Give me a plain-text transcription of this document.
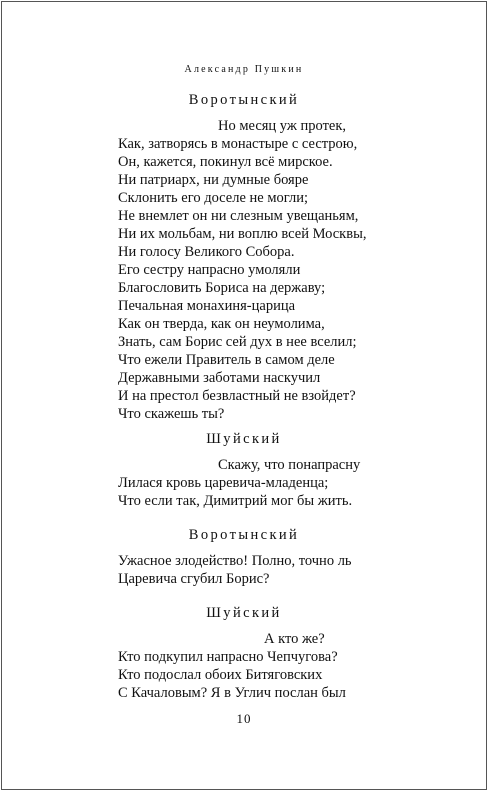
Александр Пушкин
Воротынский
Но месяц уж протек,
Как, затворясь в монастыре с сестрою,
Он, кажется, покинул всё мирское.
Ни патриарх, ни думные бояре
Склонить его доселе не могли;
Не внемлет он ни слезным увещаньям,
Ни их мольбам, ни воплю всей Москвы,
Ни голосу Великого Собора.
Его сестру напрасно умоляли
Благословить Бориса на державу;
Печальная монахиня-царица
Как он тверда, как он неумолима,
Знать, сам Борис сей дух в нее вселил;
Что ежели Правитель в самом деле
Державными заботами наскучил
И на престол безвластный не взойдет?
Что скажешь ты?
Шуйский
Скажу, что понапрасну
Лилася кровь царевича-младенца;
Что если так, Димитрий мог бы жить.
Воротынский
Ужасное злодейство! Полно, точно ль
Царевича сгубил Борис?
Шуйский
А кто же?
Кто подкупил напрасно Чепчугова?
Кто подослал обоих Битяговских
С Качаловым? Я в Углич послан был
10
